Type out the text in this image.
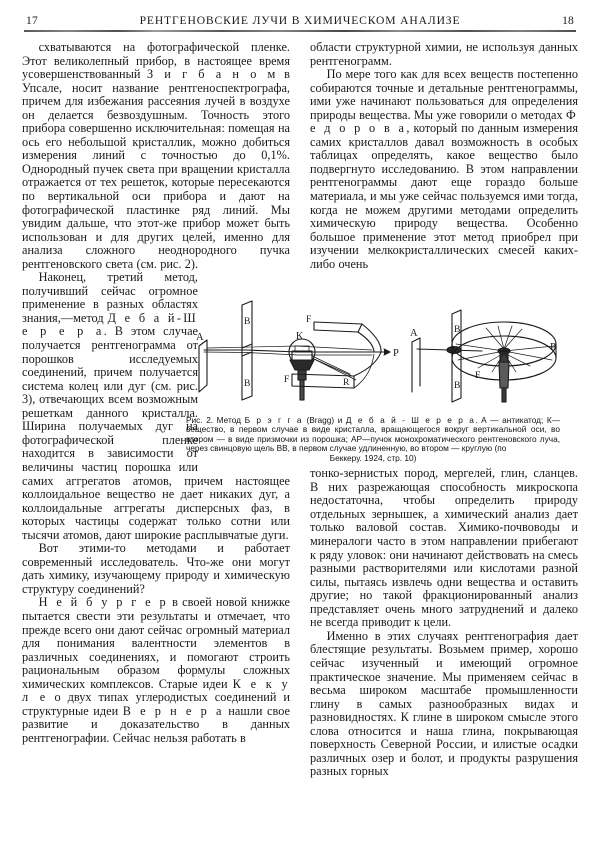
17	РЕНТГЕНОВСКИЕ ЛУЧИ В ХИМИЧЕСКОМ АНАЛИЗЕ	18

схватываются на фотографической пленке. Этот великолепный прибор, в настоящее время усовершенствованный З и г б а н о м в Упсале, носит название рентгеноспектрографа, причем для избежания рассеяния лучей в воздухе он делается безвоздушным. Точность этого прибора совершенно исключительная: помещая на ось его небольшой кристаллик, можно добиться измерения линий с точностью до 0,1%. Однородный пучек света при вращении кристалла отражается от тех решеток, которые пересекаются по вертикальной оси прибора и дают на фотографической пластинке ряд линий. Мы увидим дальше, что этот-же прибор может быть использован и для других целей, именно для анализа сложного неоднородного пучка рентгеновского света (см. рис. 2).

Наконец, третий метод, получивший сейчас огромное применение в разных областях знания,—метод Д е б а й-Ш е р е р а. В этом случае получается рентгенограмма от порошков исследуемых соединений, причем получается система колец или дуг (см. рис. 3), отвечающих всем возможным решеткам данного кристалла. Ширина получаемых дуг на фотографической пленке находится в зависимости от величины частиц порошка или самих аггрегатов атомов, причем настоящее коллоидальное вещество не дает никаких дуг, а коллоидальные аггрегаты дисперсных фаз, в которых частицы содержат только сотни или тысячи атомов, дают широкие расплывчатые дуги.

Вот этими-то методами и работает современный исследователь. Что-же они могут дать химику, изучающему природу и химическую структуру соединений?

Н е й б у р г е р в своей новой книжке пытается свести эти результаты и отмечает, что прежде всего они дают сейчас огромный материал для понимания валентности элементов в различных соединениях, и помогают строить рациональным образом формулы сложных химических комплексов. Старые идеи К е к у л е о двух типах углеродистых соединений и структурные идеи В е р н е р а нашли свое развитие и доказательство в данных рентгенографии. Сейчас нельзя работать в

области структурной химии, не используя данных рентгенограмм.

По мере того как для всех веществ постепенно собираются точные и детальные рентгенограммы, ими уже начинают пользоваться для определения природы вещества. Мы уже говорили о методах Ф е д о р о в а, который по данным измерения самих кристаллов давал возможность в особых таблицах определять, какое вещество было подвергнуто исследованию. В этом направлении рентгенограммы дают еще гораздо больше материала, и мы уже сейчас пользуемся ими тогда, когда не можем другими методами определить химическую природу вещества. Особенно большое применение этот метод приобрел при изучении мелкокристаллических смесей каких-либо очень

тонко-зернистых пород, мергелей, глин, сланцев. В них разрежающая способность микроскопа недостаточна, чтобы определить природу отдельных зернышек, а химический анализ дает только валовой состав. Химико-почвоводы и минералоги часто в этом направлении прибегают к ряду уловок: они начинают действовать на смесь разными растворителями или кислотами разной силы, пытаясь извлечь одни вещества и оставить другие; но такой фракционированный анализ представляет очень много затруднений и далеко не всегда приводит к цели.

Именно в этих случаях рентгенография дает блестящие результаты. Возьмем пример, хорошо сейчас изученный и имеющий огромное практическое значение. Мы применяем сейчас в весьма широком масштабе промышленности глину в самых разнообразных видах и разновидностях. К глине в широком смысле этого слова относится и наша глина, покрывающая поверхность Северной России, и илистые осадки различных озер и болот, и продукты разрушения разных горных

A
B
B
K
F
F	R
P
A	B
B
F
P
Рис. 2. Метод Б р э г г а (Bragg) и Д е б а й - Ш е р е р а. А — антикатод; К—вещество, в первом случае в виде кристалла, вращающегося вокруг вертикальной оси, во втором — в виде призмочки из порошка; АР—пучок монохроматического рентгеновского луча, через свинцовую щель ВВ, в первом случае удлиненную, во втором — круглую (по
Беккеру. 1924, стр. 10)
